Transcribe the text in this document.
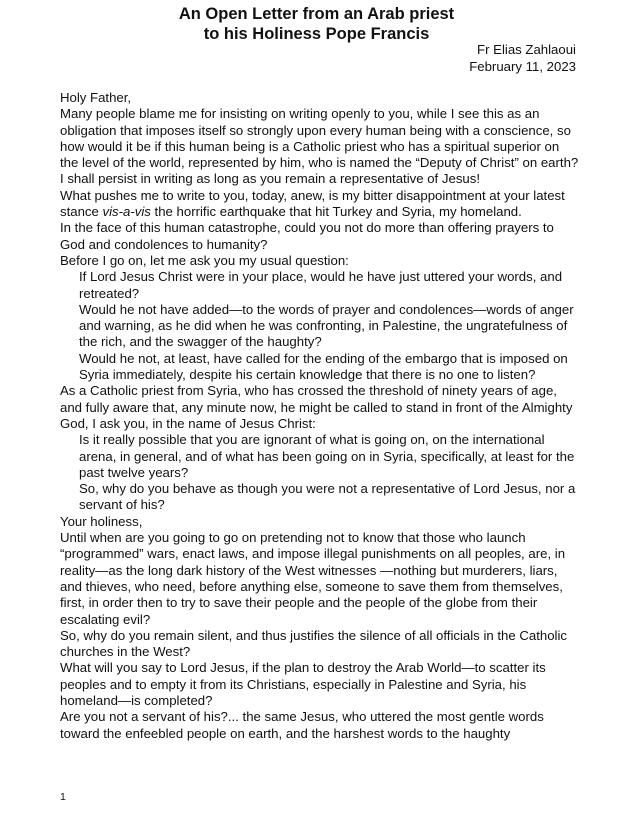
An Open Letter from an Arab priest
to his Holiness Pope Francis
Fr Elias Zahlaoui
February 11, 2023

Holy Father,

Many people blame me for insisting on writing openly to you, while I see this as an obligation that imposes itself so strongly upon every human being with a conscience, so how would it be if this human being is a Catholic priest who has a spiritual superior on the level of the world, represented by him, who is named the “Deputy of Christ” on earth? I shall persist in writing as long as you remain a representative of Jesus!

What pushes me to write to you, today, anew, is my bitter disappointment at your latest stance vis-a-vis the horrific earthquake that hit Turkey and Syria, my homeland.

In the face of this human catastrophe, could you not do more than offering prayers to God and condolences to humanity?

Before I go on, let me ask you my usual question:

If Lord Jesus Christ were in your place, would he have just uttered your words, and retreated?

Would he not have added—to the words of prayer and condolences—words of anger and warning, as he did when he was confronting, in Palestine, the ungratefulness of the rich, and the swagger of the haughty?

Would he not, at least, have called for the ending of the embargo that is imposed on Syria immediately, despite his certain knowledge that there is no one to listen?

As a Catholic priest from Syria, who has crossed the threshold of ninety years of age, and fully aware that, any minute now, he might be called to stand in front of the Almighty God, I ask you, in the name of Jesus Christ:

Is it really possible that you are ignorant of what is going on, on the international arena, in general, and of what has been going on in Syria, specifically, at least for the past twelve years?

So, why do you behave as though you were not a representative of Lord Jesus, nor a servant of his?

Your holiness,

Until when are you going to go on pretending not to know that those who launch “programmed” wars, enact laws, and impose illegal punishments on all peoples, are, in reality—as the long dark history of the West witnesses —nothing but murderers, liars, and thieves, who need, before anything else, someone to save them from themselves, first, in order then to try to save their people and the people of the globe from their escalating evil?

So, why do you remain silent, and thus justifies the silence of all officials in the Catholic churches in the West?

What will you say to Lord Jesus, if the plan to destroy the Arab World—to scatter its peoples and to empty it from its Christians, especially in Palestine and Syria, his homeland—is completed?

Are you not a servant of his?... the same Jesus, who uttered the most gentle words toward the enfeebled people on earth, and the harshest words to the haughty

1
